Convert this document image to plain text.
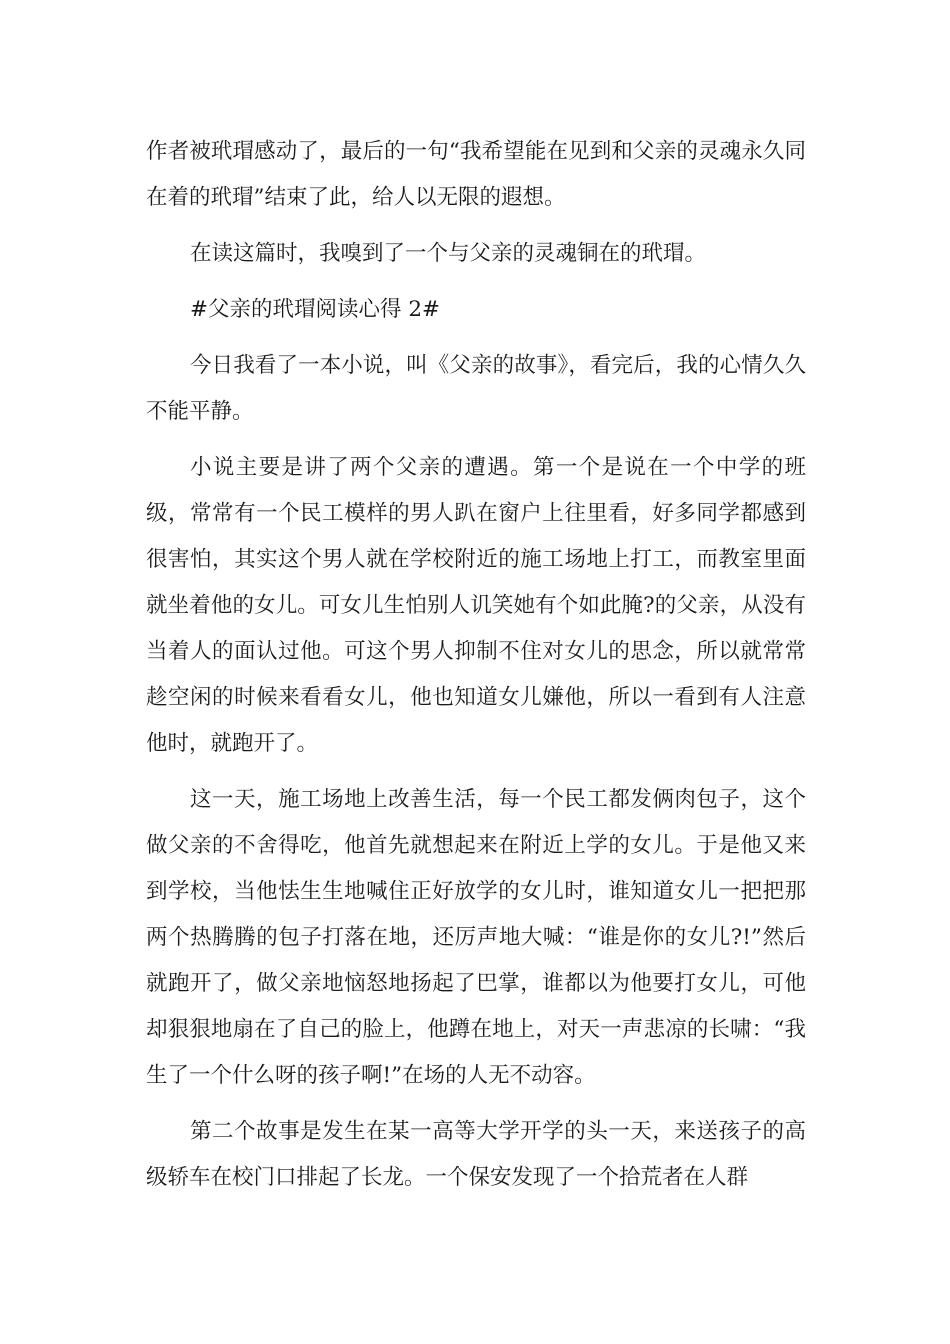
作者被玳瑁感动了，最后的一句“我希望能在见到和父亲的灵魂永久同在着的玳瑁”结束了此，给人以无限的遐想。

在读这篇时，我嗅到了一个与父亲的灵魂铜在的玳瑁。

#父亲的玳瑁阅读心得 2#

今日我看了一本小说，叫《父亲的故事》，看完后，我的心情久久不能平静。

小说主要是讲了两个父亲的遭遇。第一个是说在一个中学的班级，常常有一个民工模样的男人趴在窗户上往里看，好多同学都感到很害怕，其实这个男人就在学校附近的施工场地上打工，而教室里面就坐着他的女儿。可女儿生怕别人讥笑她有个如此腌?的父亲，从没有当着人的面认过他。可这个男人抑制不住对女儿的思念，所以就常常趁空闲的时候来看看女儿，他也知道女儿嫌他，所以一看到有人注意他时，就跑开了。

这一天，施工场地上改善生活，每一个民工都发俩肉包子，这个做父亲的不舍得吃，他首先就想起来在附近上学的女儿。于是他又来到学校，当他怯生生地喊住正好放学的女儿时，谁知道女儿一把把那两个热腾腾的包子打落在地，还厉声地大喊：“谁是你的女儿?!”然后就跑开了，做父亲地恼怒地扬起了巴掌，谁都以为他要打女儿，可他却狠狠地扇在了自己的脸上，他蹲在地上，对天一声悲凉的长啸：“我生了一个什么呀的孩子啊!”在场的人无不动容。

第二个故事是发生在某一高等大学开学的头一天，来送孩子的高级轿车在校门口排起了长龙。一个保安发现了一个拾荒者在人群
